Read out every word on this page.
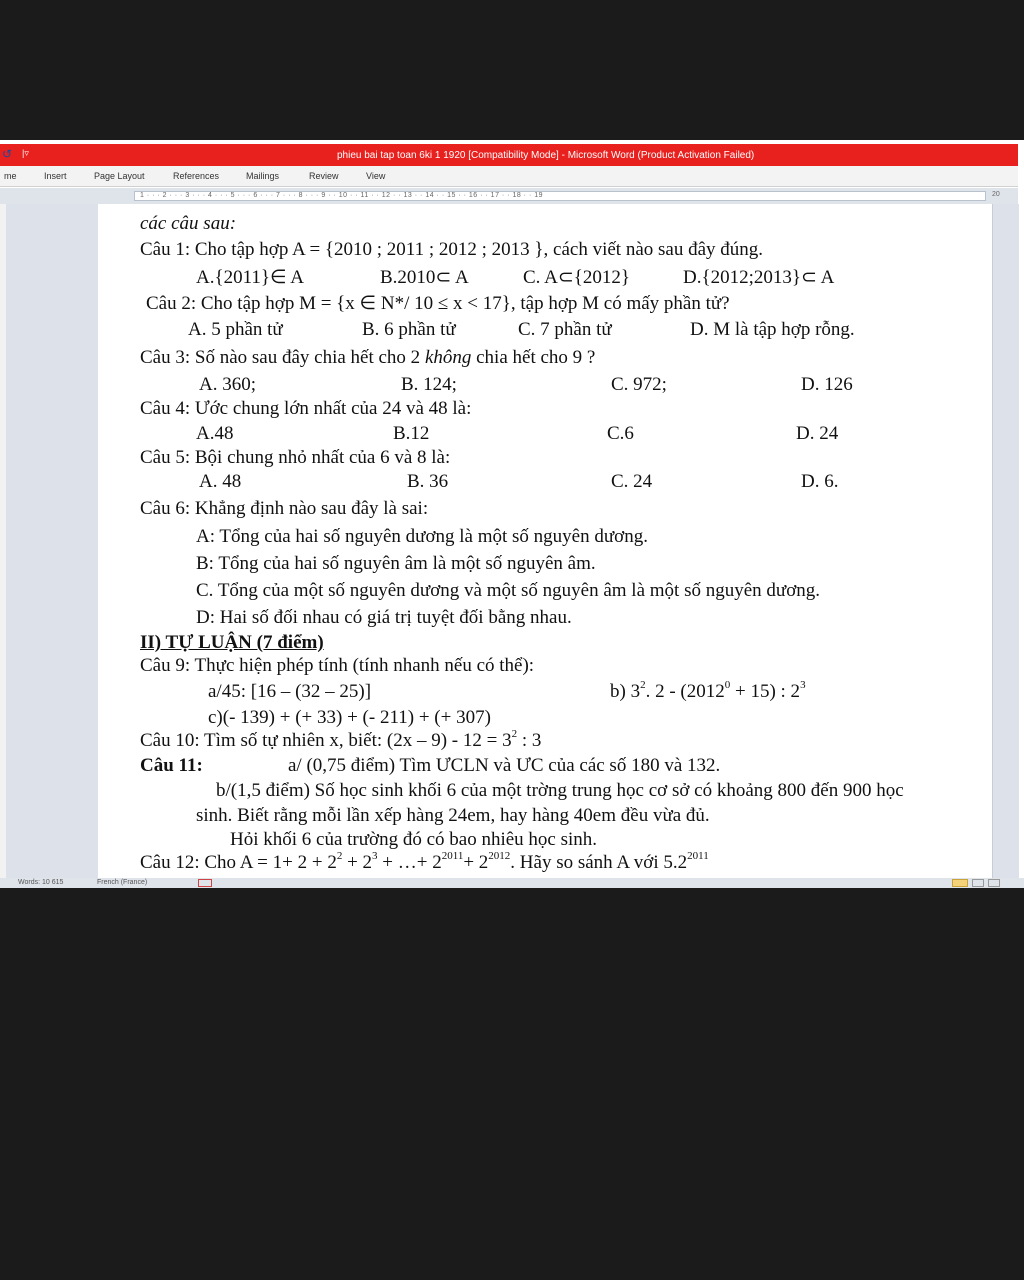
↺ |▿	phieu bai tap toan 6ki 1 1920 [Compatibility Mode] - Microsoft Word (Product Activation Failed)
me	Insert	Page Layout	References	Mailings	Review	View
1 · · · 2 · · · 3 · · · 4 · · · 5 · · · 6 · · · 7 · · · 8 · · · 9 · · 10 · · 11 · · 12 · · 13 · · 14 · · 15 · · 16 · · 17 · · 18 · · 19	20
các câu sau:
Câu 1: Cho tập hợp A = {2010 ; 2011 ; 2012 ; 2013 }, cách viết nào sau đây đúng.
A.{2011}∈ A	B.2010⊂ A	C. A⊂{2012}	D.{2012;2013}⊂ A
Câu 2: Cho tập hợp M = {x ∈ N*/ 10 ≤ x < 17}, tập hợp M có mấy phần tử?
A. 5 phần tử	B. 6 phần tử	C. 7 phần tử	D. M là tập hợp rỗng.
Câu 3: Số nào sau đây chia hết cho 2 không chia hết cho 9 ?
A. 360;	B. 124;	C. 972;	D. 126
Câu 4: Ước chung lớn nhất của 24 và 48 là:
A.48	B.12	C.6	D. 24
Câu 5: Bội chung nhỏ nhất của 6 và 8 là:
A. 48	B. 36	C. 24	D. 6.
Câu 6: Khẳng định nào sau đây là sai:
A: Tổng của hai số nguyên dương là một số nguyên dương.
B: Tổng của hai số nguyên âm là một số nguyên âm.
C. Tổng của một số nguyên dương và một số nguyên âm là một số nguyên dương.
D: Hai số đối nhau có giá trị tuyệt đối bằng nhau.
II) TỰ LUẬN (7 điểm)
Câu 9: Thực hiện phép tính (tính nhanh nếu có thể):
a/45: [16 – (32 – 25)]	b) $3^2$. $2 - (2012^0 + 15)$ : $2^3$
c)(- 139) + (+ 33) + (- 211) + (+ 307)
Câu 10: Tìm số tự nhiên x, biết: $(2x - 9) - 12 = 3^2$ : 3
Câu 11:	a/ (0,75 điểm) Tìm ƯCLN và ƯC của các số 180 và 132.
b/(1,5 điểm) Số học sinh khối 6 của một trờng trung học cơ sở có khoảng 800 đến 900 học
sinh. Biết rằng mỗi lần xếp hàng 24em, hay hàng 40em đều vừa đủ.
Hỏi khối 6 của trường đó có bao nhiêu học sinh.
Câu 12: Cho $A = 1+ 2 + 2^2 + 2^3$ + …+ $2^{2011}+ 2^{2012}$. Hãy so sánh A với $5.2^{2011}$
Words: 10 615	French (France)
